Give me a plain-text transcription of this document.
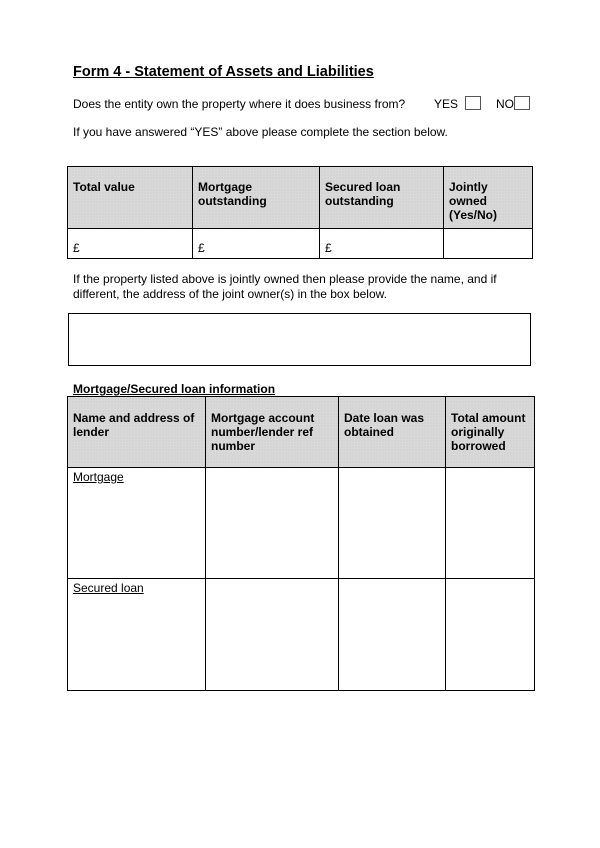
Form 4 - Statement of Assets and Liabilities
Does the entity own the property where it does business from? YES	NO
If you have answered “YES” above please complete the section below.
Total value	Mortgage outstanding	Secured loan outstanding	Jointly owned (Yes/No)
£	£	£	
If the property listed above is jointly owned then please provide the name, and if different, the address of the joint owner(s) in the box below.
Mortgage/Secured loan information
Name and address of lender	Mortgage account number/lender ref number	Date loan was obtained	Total amount originally borrowed
Mortgage			
Secured loan			
